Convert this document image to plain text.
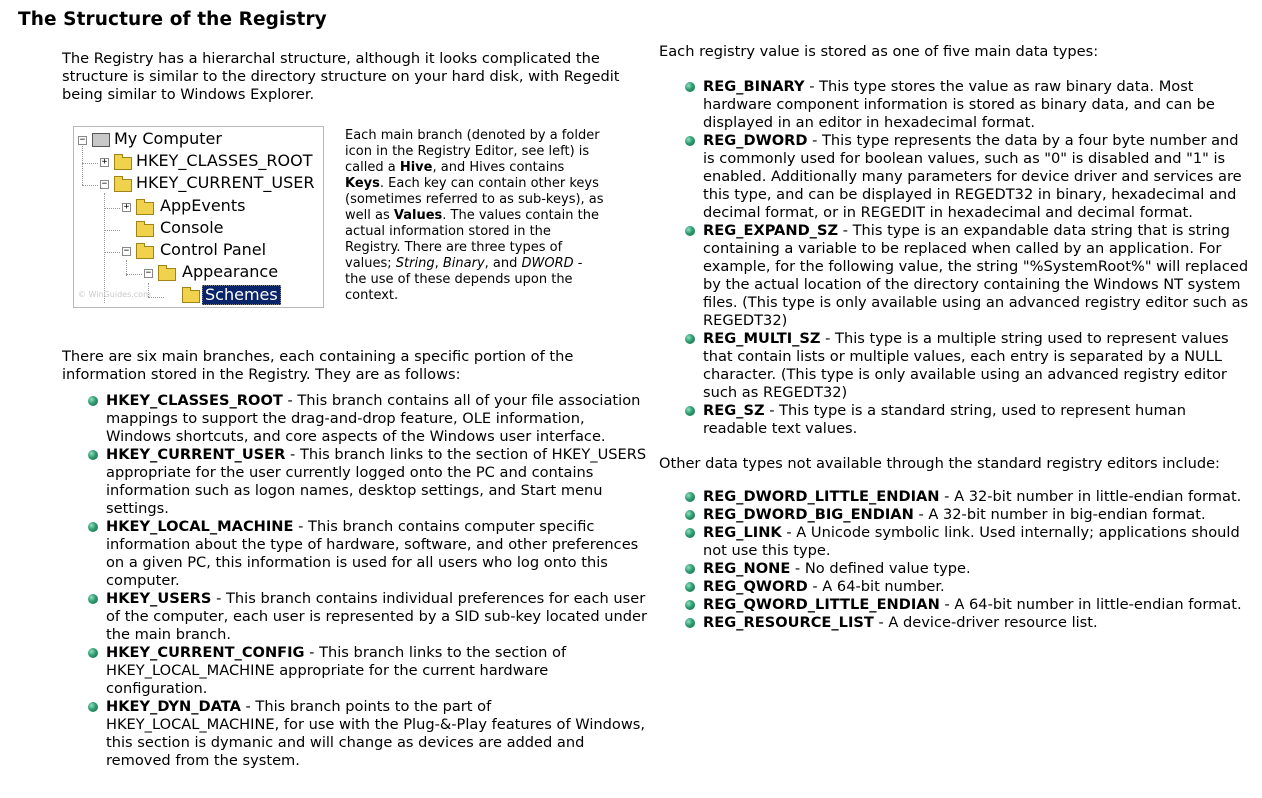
The Structure of the Registry

The Registry has a hierarchal structure, although it looks complicated the structure is similar to the directory structure on your hard disk, with Regedit being similar to Windows Explorer.

− My Computer
+ HKEY_CLASSES_ROOT
− HKEY_CURRENT_USER
+ AppEvents
Console
− Control Panel
− Appearance
Schemes
© WinGuides.com
Each main branch (denoted by a folder icon in the Registry Editor, see left) is called a Hive, and Hives contains Keys. Each key can contain other keys (sometimes referred to as sub-keys), as well as Values. The values contain the actual information stored in the Registry. There are three types of values; String, Binary, and DWORD - the use of these depends upon the context.

There are six main branches, each containing a specific portion of the information stored in the Registry. They are as follows:

HKEY_CLASSES_ROOT - This branch contains all of your file association mappings to support the drag-and-drop feature, OLE information, Windows shortcuts, and core aspects of the Windows user interface.
HKEY_CURRENT_USER - This branch links to the section of HKEY_USERS appropriate for the user currently logged onto the PC and contains information such as logon names, desktop settings, and Start menu settings.
HKEY_LOCAL_MACHINE - This branch contains computer specific information about the type of hardware, software, and other preferences on a given PC, this information is used for all users who log onto this computer.
HKEY_USERS - This branch contains individual preferences for each user of the computer, each user is represented by a SID sub-key located under the main branch.
HKEY_CURRENT_CONFIG - This branch links to the section of HKEY_LOCAL_MACHINE appropriate for the current hardware configuration.
HKEY_DYN_DATA - This branch points to the part of HKEY_LOCAL_MACHINE, for use with the Plug-&-Play features of Windows, this section is dymanic and will change as devices are added and removed from the system.

Each registry value is stored as one of five main data types:

REG_BINARY - This type stores the value as raw binary data. Most hardware component information is stored as binary data, and can be displayed in an editor in hexadecimal format.
REG_DWORD - This type represents the data by a four byte number and is commonly used for boolean values, such as "0" is disabled and "1" is enabled. Additionally many parameters for device driver and services are this type, and can be displayed in REGEDT32 in binary, hexadecimal and decimal format, or in REGEDIT in hexadecimal and decimal format.
REG_EXPAND_SZ - This type is an expandable data string that is string containing a variable to be replaced when called by an application. For example, for the following value, the string "%SystemRoot%" will replaced by the actual location of the directory containing the Windows NT system files. (This type is only available using an advanced registry editor such as REGEDT32)
REG_MULTI_SZ - This type is a multiple string used to represent values that contain lists or multiple values, each entry is separated by a NULL character. (This type is only available using an advanced registry editor such as REGEDT32)
REG_SZ - This type is a standard string, used to represent human readable text values.

Other data types not available through the standard registry editors include:

REG_DWORD_LITTLE_ENDIAN - A 32-bit number in little-endian format.
REG_DWORD_BIG_ENDIAN - A 32-bit number in big-endian format.
REG_LINK - A Unicode symbolic link. Used internally; applications should not use this type.
REG_NONE - No defined value type.
REG_QWORD - A 64-bit number.
REG_QWORD_LITTLE_ENDIAN - A 64-bit number in little-endian format.
REG_RESOURCE_LIST - A device-driver resource list.
